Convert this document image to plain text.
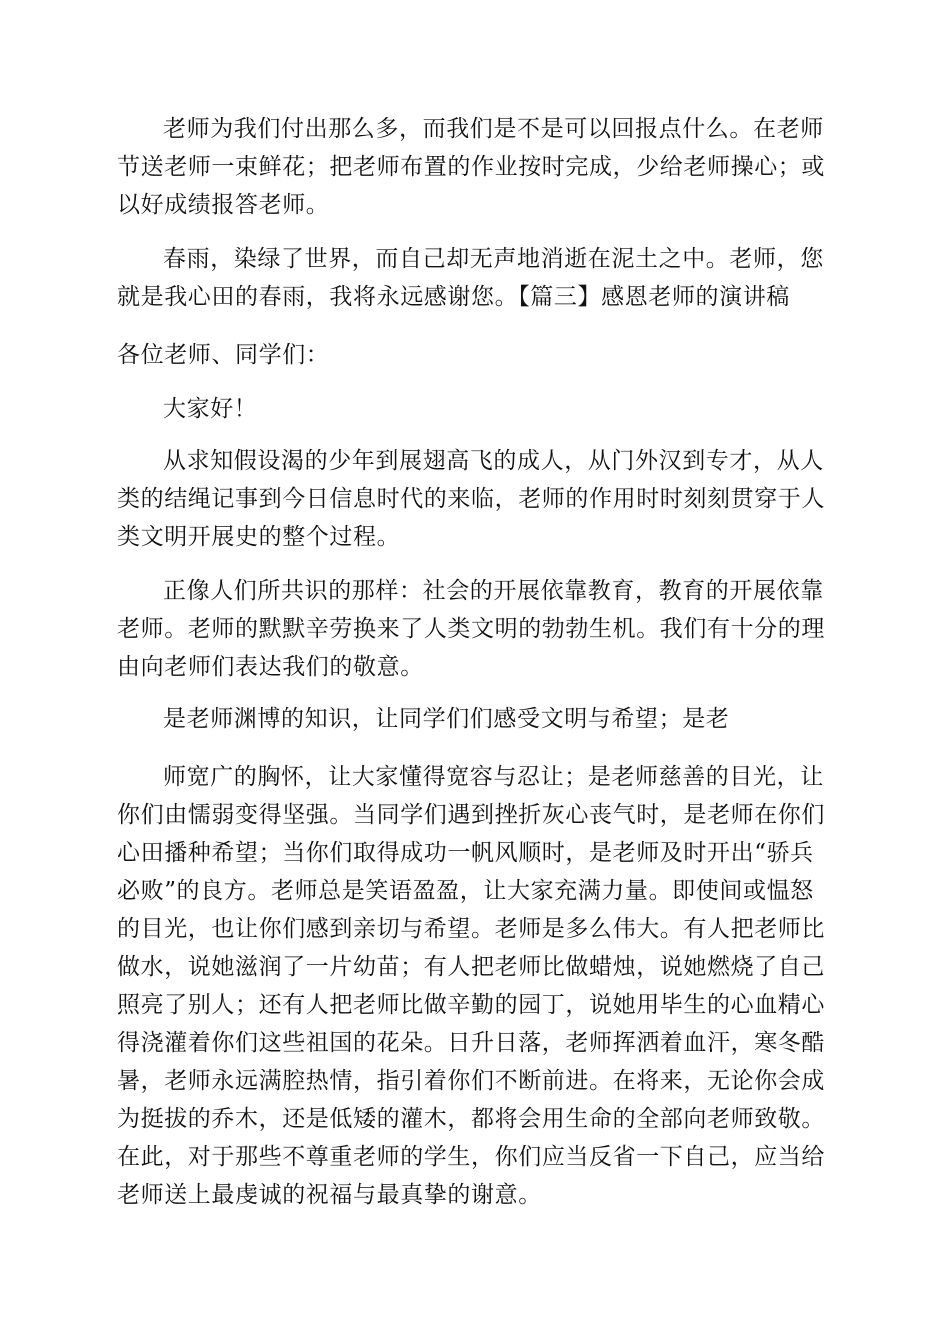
老师为我们付出那么多，而我们是不是可以回报点什么。在老师节送老师一束鲜花；把老师布置的作业按时完成，少给老师操心；或以好成绩报答老师。

春雨，染绿了世界，而自己却无声地消逝在泥土之中。老师，您就是我心田的春雨，我将永远感谢您。【篇三】感恩老师的演讲稿

各位老师、同学们：

大家好！

从求知假设渴的少年到展翅高飞的成人，从门外汉到专才，从人类的结绳记事到今日信息时代的来临，老师的作用时时刻刻贯穿于人类文明开展史的整个过程。

正像人们所共识的那样：社会的开展依靠教育，教育的开展依靠老师。老师的默默辛劳换来了人类文明的勃勃生机。我们有十分的理由向老师们表达我们的敬意。

是老师渊博的知识，让同学们们感受文明与希望；是老

师宽广的胸怀，让大家懂得宽容与忍让；是老师慈善的目光，让你们由懦弱变得坚强。当同学们遇到挫折灰心丧气时，是老师在你们心田播种希望；当你们取得成功一帆风顺时，是老师及时开出“骄兵必败”的良方。老师总是笑语盈盈，让大家充满力量。即使间或愠怒的目光，也让你们感到亲切与希望。老师是多么伟大。有人把老师比做水，说她滋润了一片幼苗；有人把老师比做蜡烛，说她燃烧了自己照亮了别人；还有人把老师比做辛勤的园丁，说她用毕生的心血精心得浇灌着你们这些祖国的花朵。日升日落，老师挥洒着血汗，寒冬酷暑，老师永远满腔热情，指引着你们不断前进。在将来，无论你会成为挺拔的乔木，还是低矮的灌木，都将会用生命的全部向老师致敬。在此，对于那些不尊重老师的学生，你们应当反省一下自己，应当给老师送上最虔诚的祝福与最真挚的谢意。
